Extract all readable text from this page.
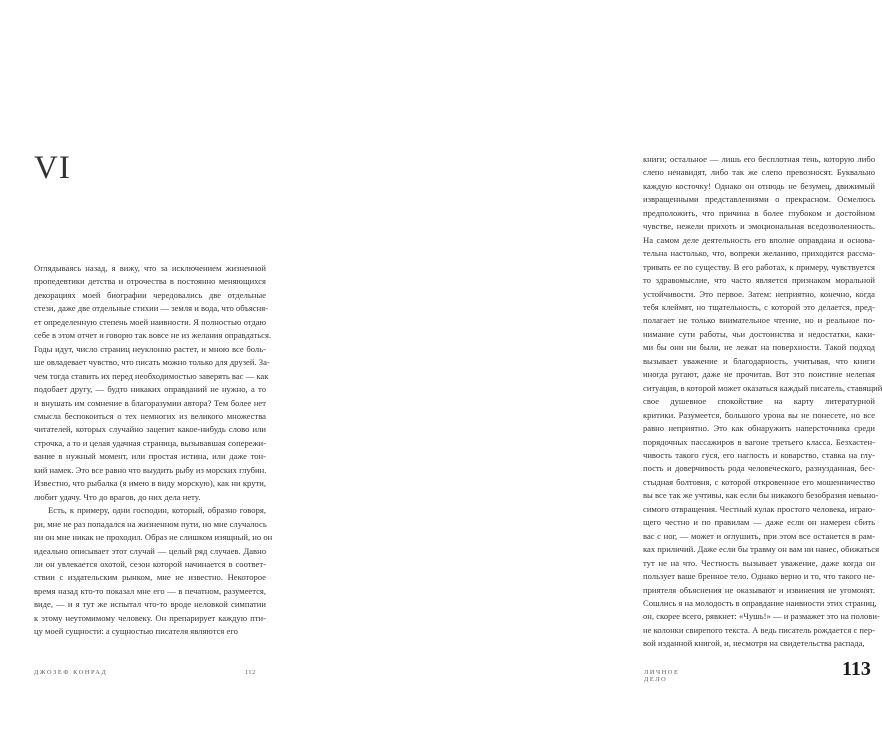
VI
Оглядываясь назад, я вижу, что за исключением жизненной
пропедевтики детства и отрочества в постоянно меняющихся
декорациях моей биографии чередовались две отдельные
стези, даже две отдельные стихии — земля и вода, что объясня-
ет определенную степень моей наивности. Я полностью отдаю
себе в этом отчет и говорю так вовсе не из желания оправдаться.
Годы идут, число страниц неуклонно растет, и мною все боль-
ше овладевает чувство, что писать можно только для друзей. За-
чем тогда ставить их перед необходимостью заверять вас — как
подобает другу, — будто никаких оправданий не нужно, а то
и внушать им сомнение в благоразумии автора? Тем более нет
смысла беспокоиться о тех немногих из великого множества
читателей, которых случайно зацепит какое-нибудь слово или
строчка, а то и целая удачная страница, вызывавшая сопережи-
вание в нужный момент, или простая истина, или даже тон-
кий намек. Это все равно что выудить рыбу из морских глубин.
Известно, что рыбалка (я имею в виду морскую), как ни крути,
любит удачу. Что до врагов, до них дела нету.
Есть, к примеру, одни господин, который, образно говоря,
ри, мне не раз попадался на жизненном пути, но мне случалось
ни он мне никак не проходил. Образ не слишком изящный, но он
идеально описывает этот случай — целый ряд случаев. Давно
ли он увлекается охотой, сезон которой начинается в соответ-
ствии с издательским рынком, мне не известно. Некоторое
время назад кто-то показал мне его — в печатном, разумеется,
виде, — и я тут же испытал что-то вроде неловкой симпатии
к этому неутомимому человеку. Он препарирует каждую пти-
цу моей сущности: а сущностью писателя являются его
ДЖОЗЕФ КОНРАД	112
книги; остальное — лишь его бесплотная тень, которую либо
слепо ненавидят, либо так же слепо превозносят. Буквально
каждую косточку! Однако он отнюдь не безумец, движимый
извращенными представлениями о прекрасном. Осмелюсь
предположить, что причина в более глубоком и достойном
чувстве, нежели прихоть и эмоциональная вседозволенность.
На самом деле деятельность его вполне оправдана и основа-
тельна настолько, что, вопреки желанию, приходится рассма-
тривать ее по существу. В его работах, к примеру, чувствуется
то здравомыслие, что часто является признаком моральной
устойчивости. Это первое. Затем: неприятно, конечно, когда
тебя клеймят, но тщательность, с которой это делается, пред-
полагает не только внимательное чтение, но и реальное по-
нимание сути работы, чьи достоинства и недостатки, каки-
ми бы они ни были, не лежат на поверхности. Такой подход
вызывает уважение и благодарность, учитывая, что книги
иногда ругают, даже не прочитав. Вот это поистине нелепая
ситуация, в которой может оказаться каждый писатель, ставящий
свое душевное спокойствие на карту литературной
критики. Разумеется, большого урона вы не понесете, но все
равно неприятно. Это как обнаружить наперсточника среди
порядочных пассажиров в вагоне третьего класса. Безхастен-
чивость такого гуся, его наглость и коварство, ставка на глу-
пость и доверчивость рода человеческого, разнузданная, бес-
стыдная болтовня, с которой откровенное его мошенничество
вы все так же учтивы, как если бы никакого безобразия невыно-
симого отвращения. Честный кулак простого человека, играю-
щего честно и по правилам — даже если он намерен сбить
вас с ног, — может и оглушить, при этом все останется в рам-
ках приличий. Даже если бы травму он вам ни нанес, обижаться
тут не на что. Честность вызывает уважение, даже когда он
пользует ваше бренное тело. Однако верно и то, что такого не-
приятеля объяснения не оказывают и извинения не угомонят.
Сошлись я на молодость в оправдание наивности этих страниц,
он, скорее всего, рявкнет: «Чушь!» — и размажет это на полови-
не колонки свирепого текста. А ведь писатель рождается с пер-
вой изданной книгой, и, несмотря на свидетельства распада,
ЛИЧНОЕ ДЕЛО	113
